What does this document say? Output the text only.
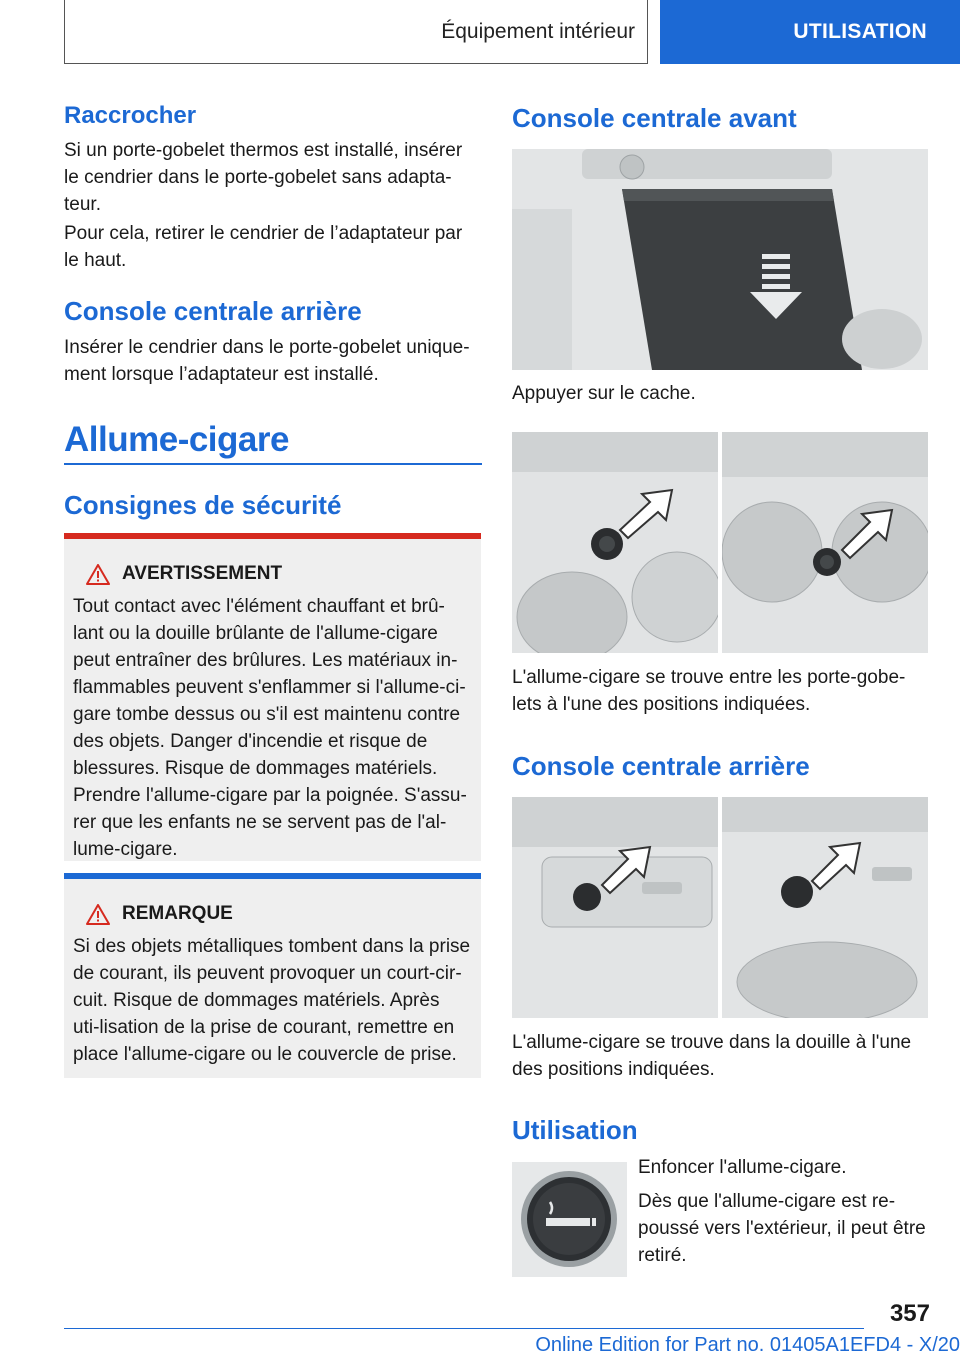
Équipement intérieur	UTILISATION
Raccrocher

Si un porte-gobelet thermos est installé, insérer le cendrier dans le porte-gobelet sans adapta-teur.

Pour cela, retirer le cendrier de l’adaptateur par le haut.

Console centrale arrière

Insérer le cendrier dans le porte-gobelet unique-ment lorsque l’adaptateur est installé.

Allume-cigare
Consignes de sécurité
AVERTISSEMENT

Tout contact avec l'élément chauffant et brû-lant ou la douille brûlante de l'allume-cigare peut entraîner des brûlures. Les matériaux in-flammables peuvent s'enflammer si l'allume-ci-gare tombe dessus ou s'il est maintenu contre des objets. Danger d'incendie et risque de blessures. Risque de dommages matériels. Prendre l'allume-cigare par la poignée. S'assu-rer que les enfants ne se servent pas de l'al-lume-cigare.

REMARQUE

Si des objets métalliques tombent dans la prise de courant, ils peuvent provoquer un court-cir-cuit. Risque de dommages matériels. Après uti-lisation de la prise de courant, remettre en place l'allume-cigare ou le couvercle de prise.

Console centrale avant

Appuyer sur le cache.

L'allume-cigare se trouve entre les porte-gobe-lets à l'une des positions indiquées.

Console centrale arrière

L'allume-cigare se trouve dans la douille à l'une des positions indiquées.

Utilisation

Enfoncer l'allume-cigare.

Dès que l'allume-cigare est re-poussé vers l'extérieur, il peut être retiré.

357
Online Edition for Part no. 01405A1EFD4 - X/20
